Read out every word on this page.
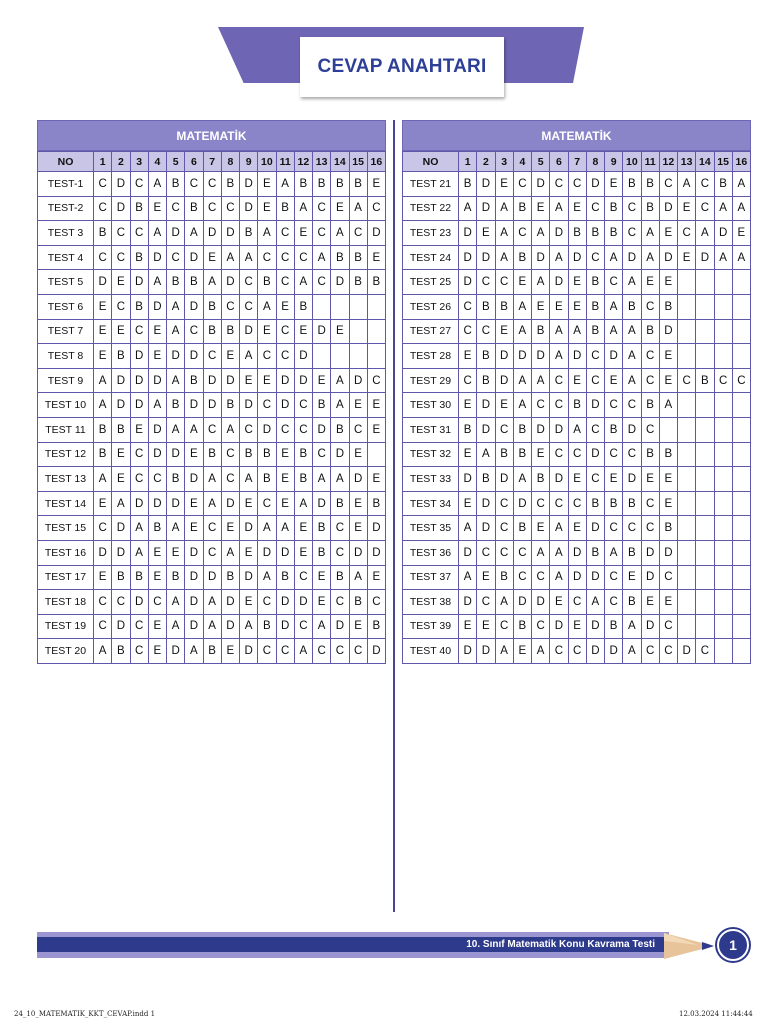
CEVAP ANAHTARI
MATEMATİK
NO	1	2	3	4	5	6	7	8	9	10	11	12	13	14	15	16
TEST-1	C	D	C	A	B	C	C	B	D	E	A	B	B	B	B	E
TEST-2	C	D	B	E	C	B	C	C	D	E	B	A	C	E	A	C
TEST 3	B	C	C	A	D	A	D	D	B	A	C	E	C	A	C	D
TEST 4	C	C	B	D	C	D	E	A	A	C	C	C	A	B	B	E
TEST 5	D	E	D	A	B	B	A	D	C	B	C	A	C	D	B	B
TEST 6	E	C	B	D	A	D	B	C	C	A	E	B				
TEST 7	E	E	C	E	A	C	B	B	D	E	C	E	D	E		
TEST 8	E	B	D	E	D	D	C	E	A	C	C	D				
TEST 9	A	D	D	D	A	B	D	D	E	E	D	D	E	A	D	C
TEST 10	A	D	D	A	B	D	D	B	D	C	D	C	B	A	E	E
TEST 11	B	B	E	D	A	A	C	A	C	D	C	C	D	B	C	E
TEST 12	B	E	C	D	D	E	B	C	B	B	E	B	C	D	E	
TEST 13	A	E	C	C	B	D	A	C	A	B	E	B	A	A	D	E
TEST 14	E	A	D	D	D	E	A	D	E	C	E	A	D	B	E	B
TEST 15	C	D	A	B	A	E	C	E	D	A	A	E	B	C	E	D
TEST 16	D	D	A	E	E	D	C	A	E	D	D	E	B	C	D	D
TEST 17	E	B	B	E	B	D	D	B	D	A	B	C	E	B	A	E
TEST 18	C	C	D	C	A	D	A	D	E	C	D	D	E	C	B	C
TEST 19	C	D	C	E	A	D	A	D	A	B	D	C	A	D	E	B
TEST 20	A	B	C	E	D	A	B	E	D	C	C	A	C	C	C	D
MATEMATİK
NO	1	2	3	4	5	6	7	8	9	10	11	12	13	14	15	16
TEST 21	B	D	E	C	D	C	C	D	E	B	B	C	A	C	B	A
TEST 22	A	D	A	B	E	A	E	C	B	C	B	D	E	C	A	A
TEST 23	D	E	A	C	A	D	B	B	B	C	A	E	C	A	D	E
TEST 24	D	D	A	B	D	A	D	C	A	D	A	D	E	D	A	A
TEST 25	D	C	C	E	A	D	E	B	C	A	E	E				
TEST 26	C	B	B	A	E	E	E	B	A	B	C	B				
TEST 27	C	C	E	A	B	A	A	B	A	A	B	D				
TEST 28	E	B	D	D	D	A	D	C	D	A	C	E				
TEST 29	C	B	D	A	A	C	E	C	E	A	C	E	C	B	C	C
TEST 30	E	D	E	A	C	C	B	D	C	C	B	A				
TEST 31	B	D	C	B	D	D	A	C	B	D	C					
TEST 32	E	A	B	B	E	C	C	D	C	C	B	B				
TEST 33	D	B	D	A	B	D	E	C	E	D	E	E				
TEST 34	E	D	C	D	C	C	C	B	B	B	C	E				
TEST 35	A	D	C	B	E	A	E	D	C	C	C	B				
TEST 36	D	C	C	C	A	A	D	B	A	B	D	D				
TEST 37	A	E	B	C	C	A	D	D	C	E	D	C				
TEST 38	D	C	A	D	D	E	C	A	C	B	E	E				
TEST 39	E	E	C	B	C	D	E	D	B	A	D	C				
TEST 40	D	D	A	E	A	C	C	D	D	A	C	C	D	C		
10. Sınıf Matematik Konu Kavrama Testi	1
24_10_MATEMATIK_KKT_CEVAP.indd 1	12.03.2024 11:44:44
